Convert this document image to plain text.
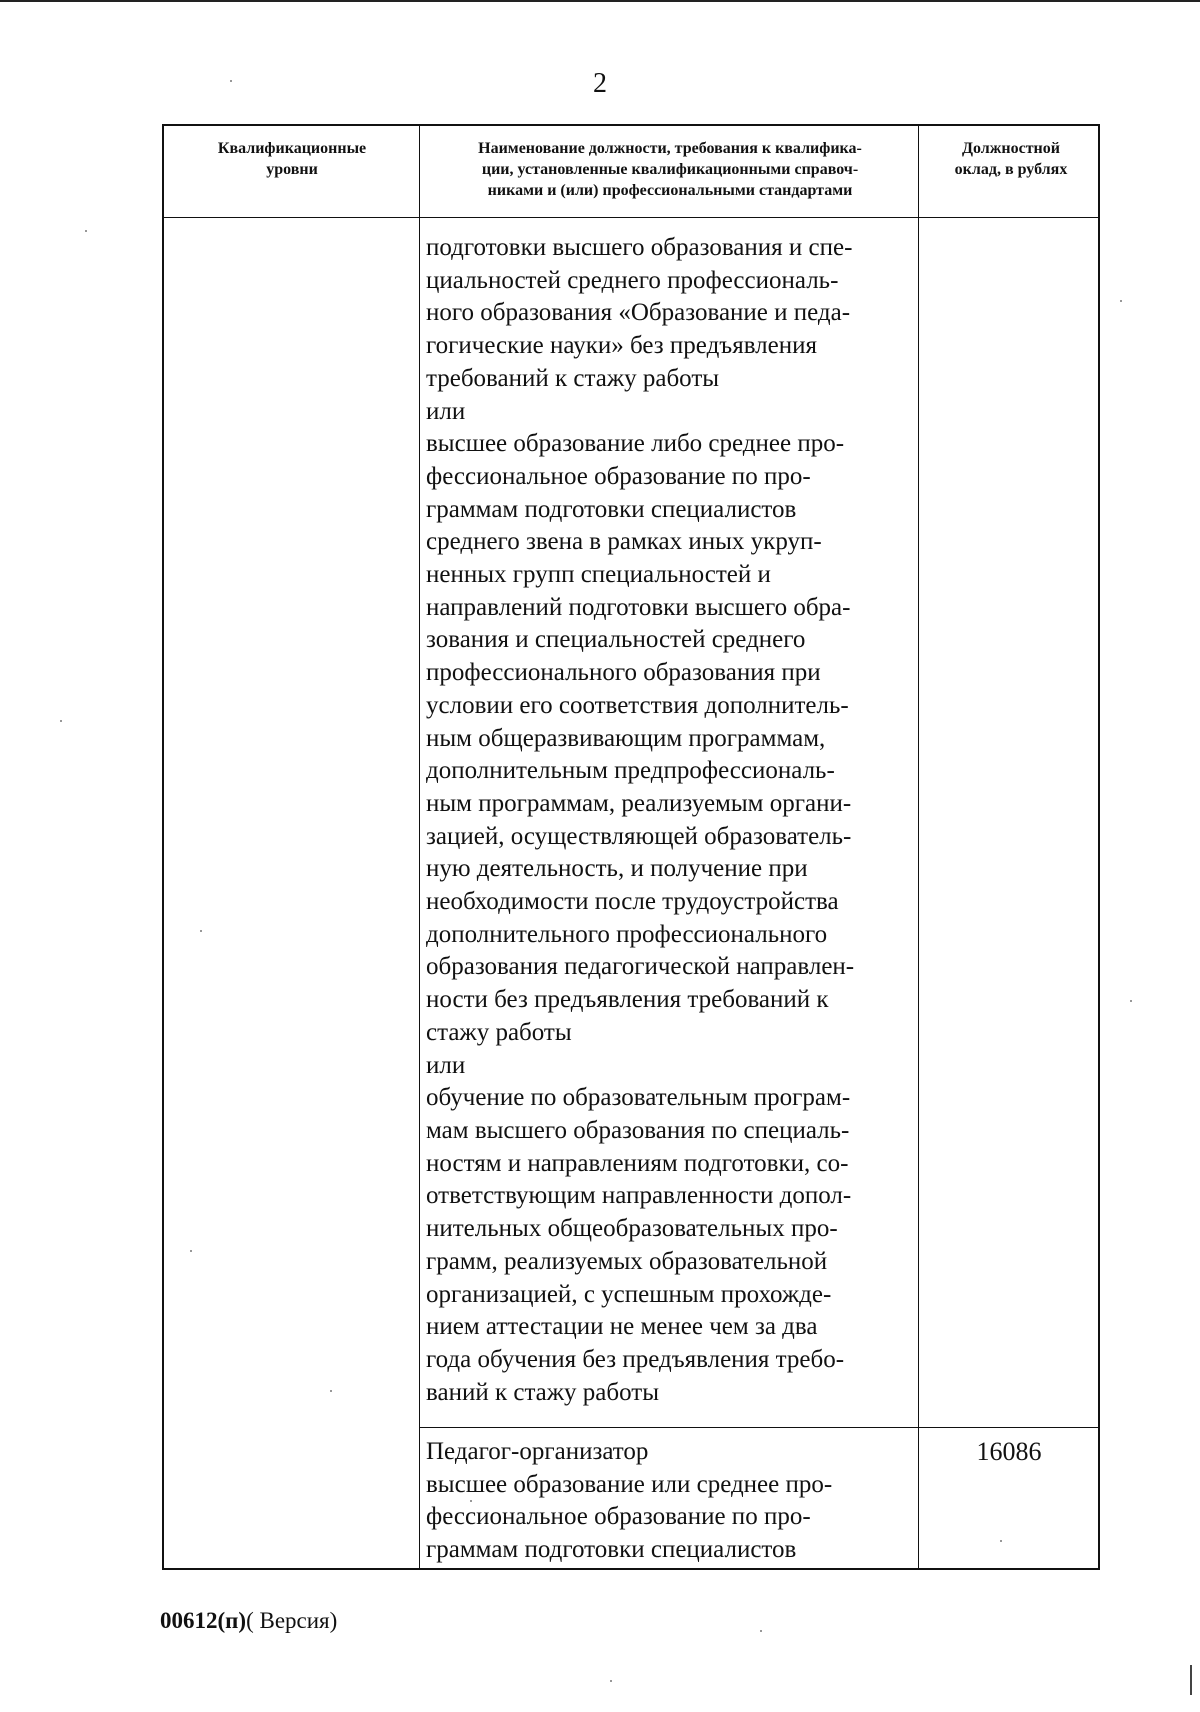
2
Квалификационные
уровни
Наименование должности, требования к квалифика-
ции, установленные квалификационными справоч-
никами и (или) профессиональными стандартами
Должностной
оклад, в рублях
подготовки высшего образования и спе-
циальностей среднего профессиональ-
ного образования «Образование и педа-
гогические науки» без предъявления
требований к стажу работы
или
высшее образование либо среднее про-
фессиональное образование по про-
граммам подготовки специалистов
среднего звена в рамках иных укруп-
ненных групп специальностей и
направлений подготовки высшего обра-
зования и специальностей среднего
профессионального образования при
условии его соответствия дополнитель-
ным общеразвивающим программам,
дополнительным предпрофессиональ-
ным программам, реализуемым органи-
зацией, осуществляющей образователь-
ную деятельность, и получение при
необходимости после трудоустройства
дополнительного профессионального
образования педагогической направлен-
ности без предъявления требований к
стажу работы
или
обучение по образовательным програм-
мам высшего образования по специаль-
ностям и направлениям подготовки, со-
ответствующим направленности допол-
нительных общеобразовательных про-
грамм, реализуемых образовательной
организацией, с успешным прохожде-
нием аттестации не менее чем за два
года обучения без предъявления требо-
ваний к стажу работы
Педагог-организатор
высшее образование или среднее про-
фессиональное образование по про-
граммам подготовки специалистов
16086
00612(п)( Версия)
